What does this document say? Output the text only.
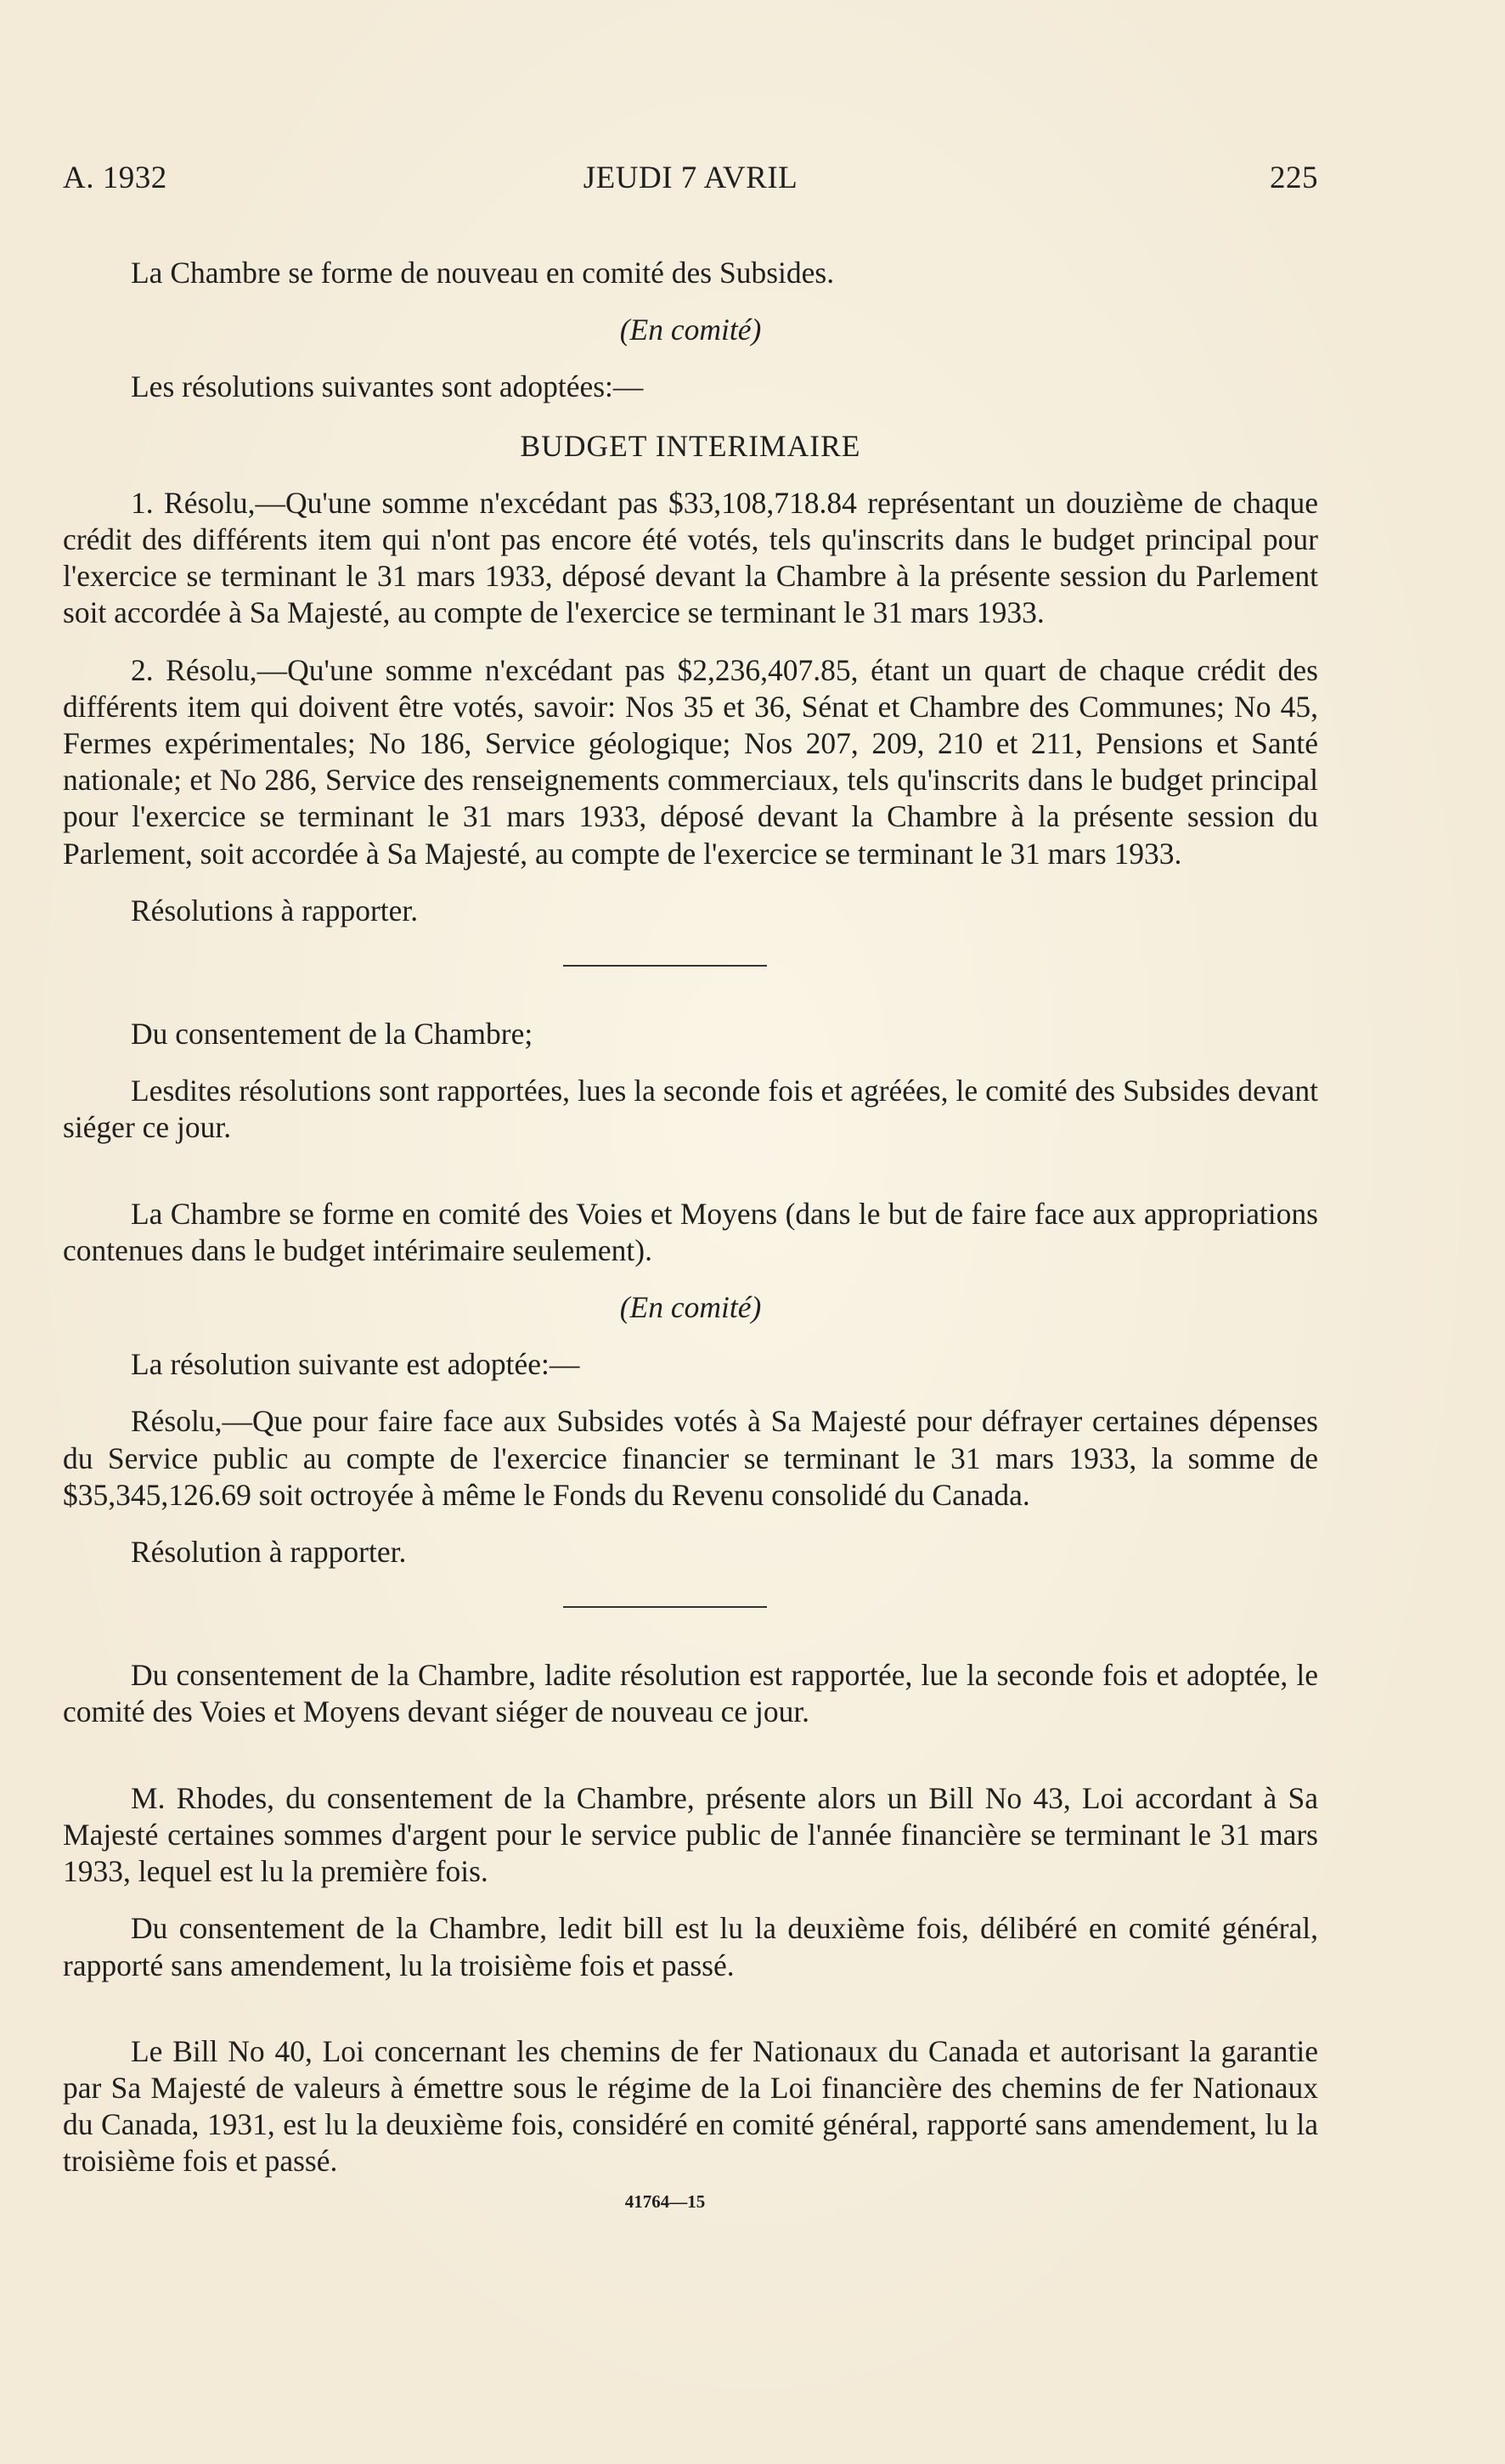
A. 1932	JEUDI 7 AVRIL	225

La Chambre se forme de nouveau en comité des Subsides.

(En comité)

Les résolutions suivantes sont adoptées:—

BUDGET INTERIMAIRE

1. Résolu,—Qu'une somme n'excédant pas $33,108,718.84 représentant un douzième de chaque crédit des différents item qui n'ont pas encore été votés, tels qu'inscrits dans le budget principal pour l'exercice se terminant le 31 mars 1933, déposé devant la Chambre à la présente session du Parlement soit accordée à Sa Majesté, au compte de l'exercice se terminant le 31 mars 1933.

2. Résolu,—Qu'une somme n'excédant pas $2,236,407.85, étant un quart de chaque crédit des différents item qui doivent être votés, savoir: Nos 35 et 36, Sénat et Chambre des Communes; No 45, Fermes expérimentales; No 186, Service géologique; Nos 207, 209, 210 et 211, Pensions et Santé nationale; et No 286, Service des renseignements commerciaux, tels qu'inscrits dans le budget principal pour l'exercice se terminant le 31 mars 1933, déposé devant la Chambre à la présente session du Parlement, soit accordée à Sa Majesté, au compte de l'exercice se terminant le 31 mars 1933.

Résolutions à rapporter.

Du consentement de la Chambre;

Lesdites résolutions sont rapportées, lues la seconde fois et agréées, le comité des Subsides devant siéger ce jour.

La Chambre se forme en comité des Voies et Moyens (dans le but de faire face aux appropriations contenues dans le budget intérimaire seulement).

(En comité)

La résolution suivante est adoptée:—

Résolu,—Que pour faire face aux Subsides votés à Sa Majesté pour défrayer certaines dépenses du Service public au compte de l'exercice financier se terminant le 31 mars 1933, la somme de $35,345,126.69 soit octroyée à même le Fonds du Revenu consolidé du Canada.

Résolution à rapporter.

Du consentement de la Chambre, ladite résolution est rapportée, lue la seconde fois et adoptée, le comité des Voies et Moyens devant siéger de nouveau ce jour.

M. Rhodes, du consentement de la Chambre, présente alors un Bill No 43, Loi accordant à Sa Majesté certaines sommes d'argent pour le service public de l'année financière se terminant le 31 mars 1933, lequel est lu la première fois.

Du consentement de la Chambre, ledit bill est lu la deuxième fois, délibéré en comité général, rapporté sans amendement, lu la troisième fois et passé.

Le Bill No 40, Loi concernant les chemins de fer Nationaux du Canada et autorisant la garantie par Sa Majesté de valeurs à émettre sous le régime de la Loi financière des chemins de fer Nationaux du Canada, 1931, est lu la deuxième fois, considéré en comité général, rapporté sans amendement, lu la troisième fois et passé.

41764—15
